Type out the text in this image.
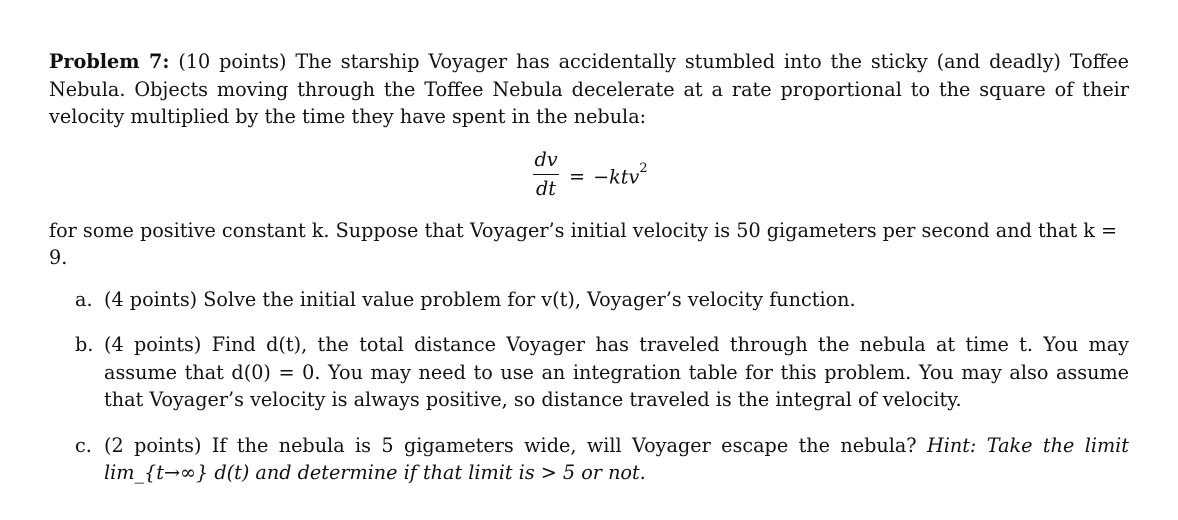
Problem 7: (10 points) The starship Voyager has accidentally stumbled into the sticky (and deadly) Toffee Nebula. Objects moving through the Toffee Nebula decelerate at a rate proportional to the square of their velocity multiplied by the time they have spent in the nebula:

$\frac{dv}{dt} = -ktv^2$

for some positive constant k. Suppose that Voyager’s initial velocity is 50 gigameters per second and that k = 9.

a. (4 points) Solve the initial value problem for v(t), Voyager’s velocity function.
b. (4 points) Find d(t), the total distance Voyager has traveled through the nebula at time t. You may assume that d(0) = 0. You may need to use an integration table for this problem. You may also assume that Voyager’s velocity is always positive, so distance traveled is the integral of velocity.
c. (2 points) If the nebula is 5 gigameters wide, will Voyager escape the nebula? Hint: Take the limit lim_{t→∞} d(t) and determine if that limit is > 5 or not.
